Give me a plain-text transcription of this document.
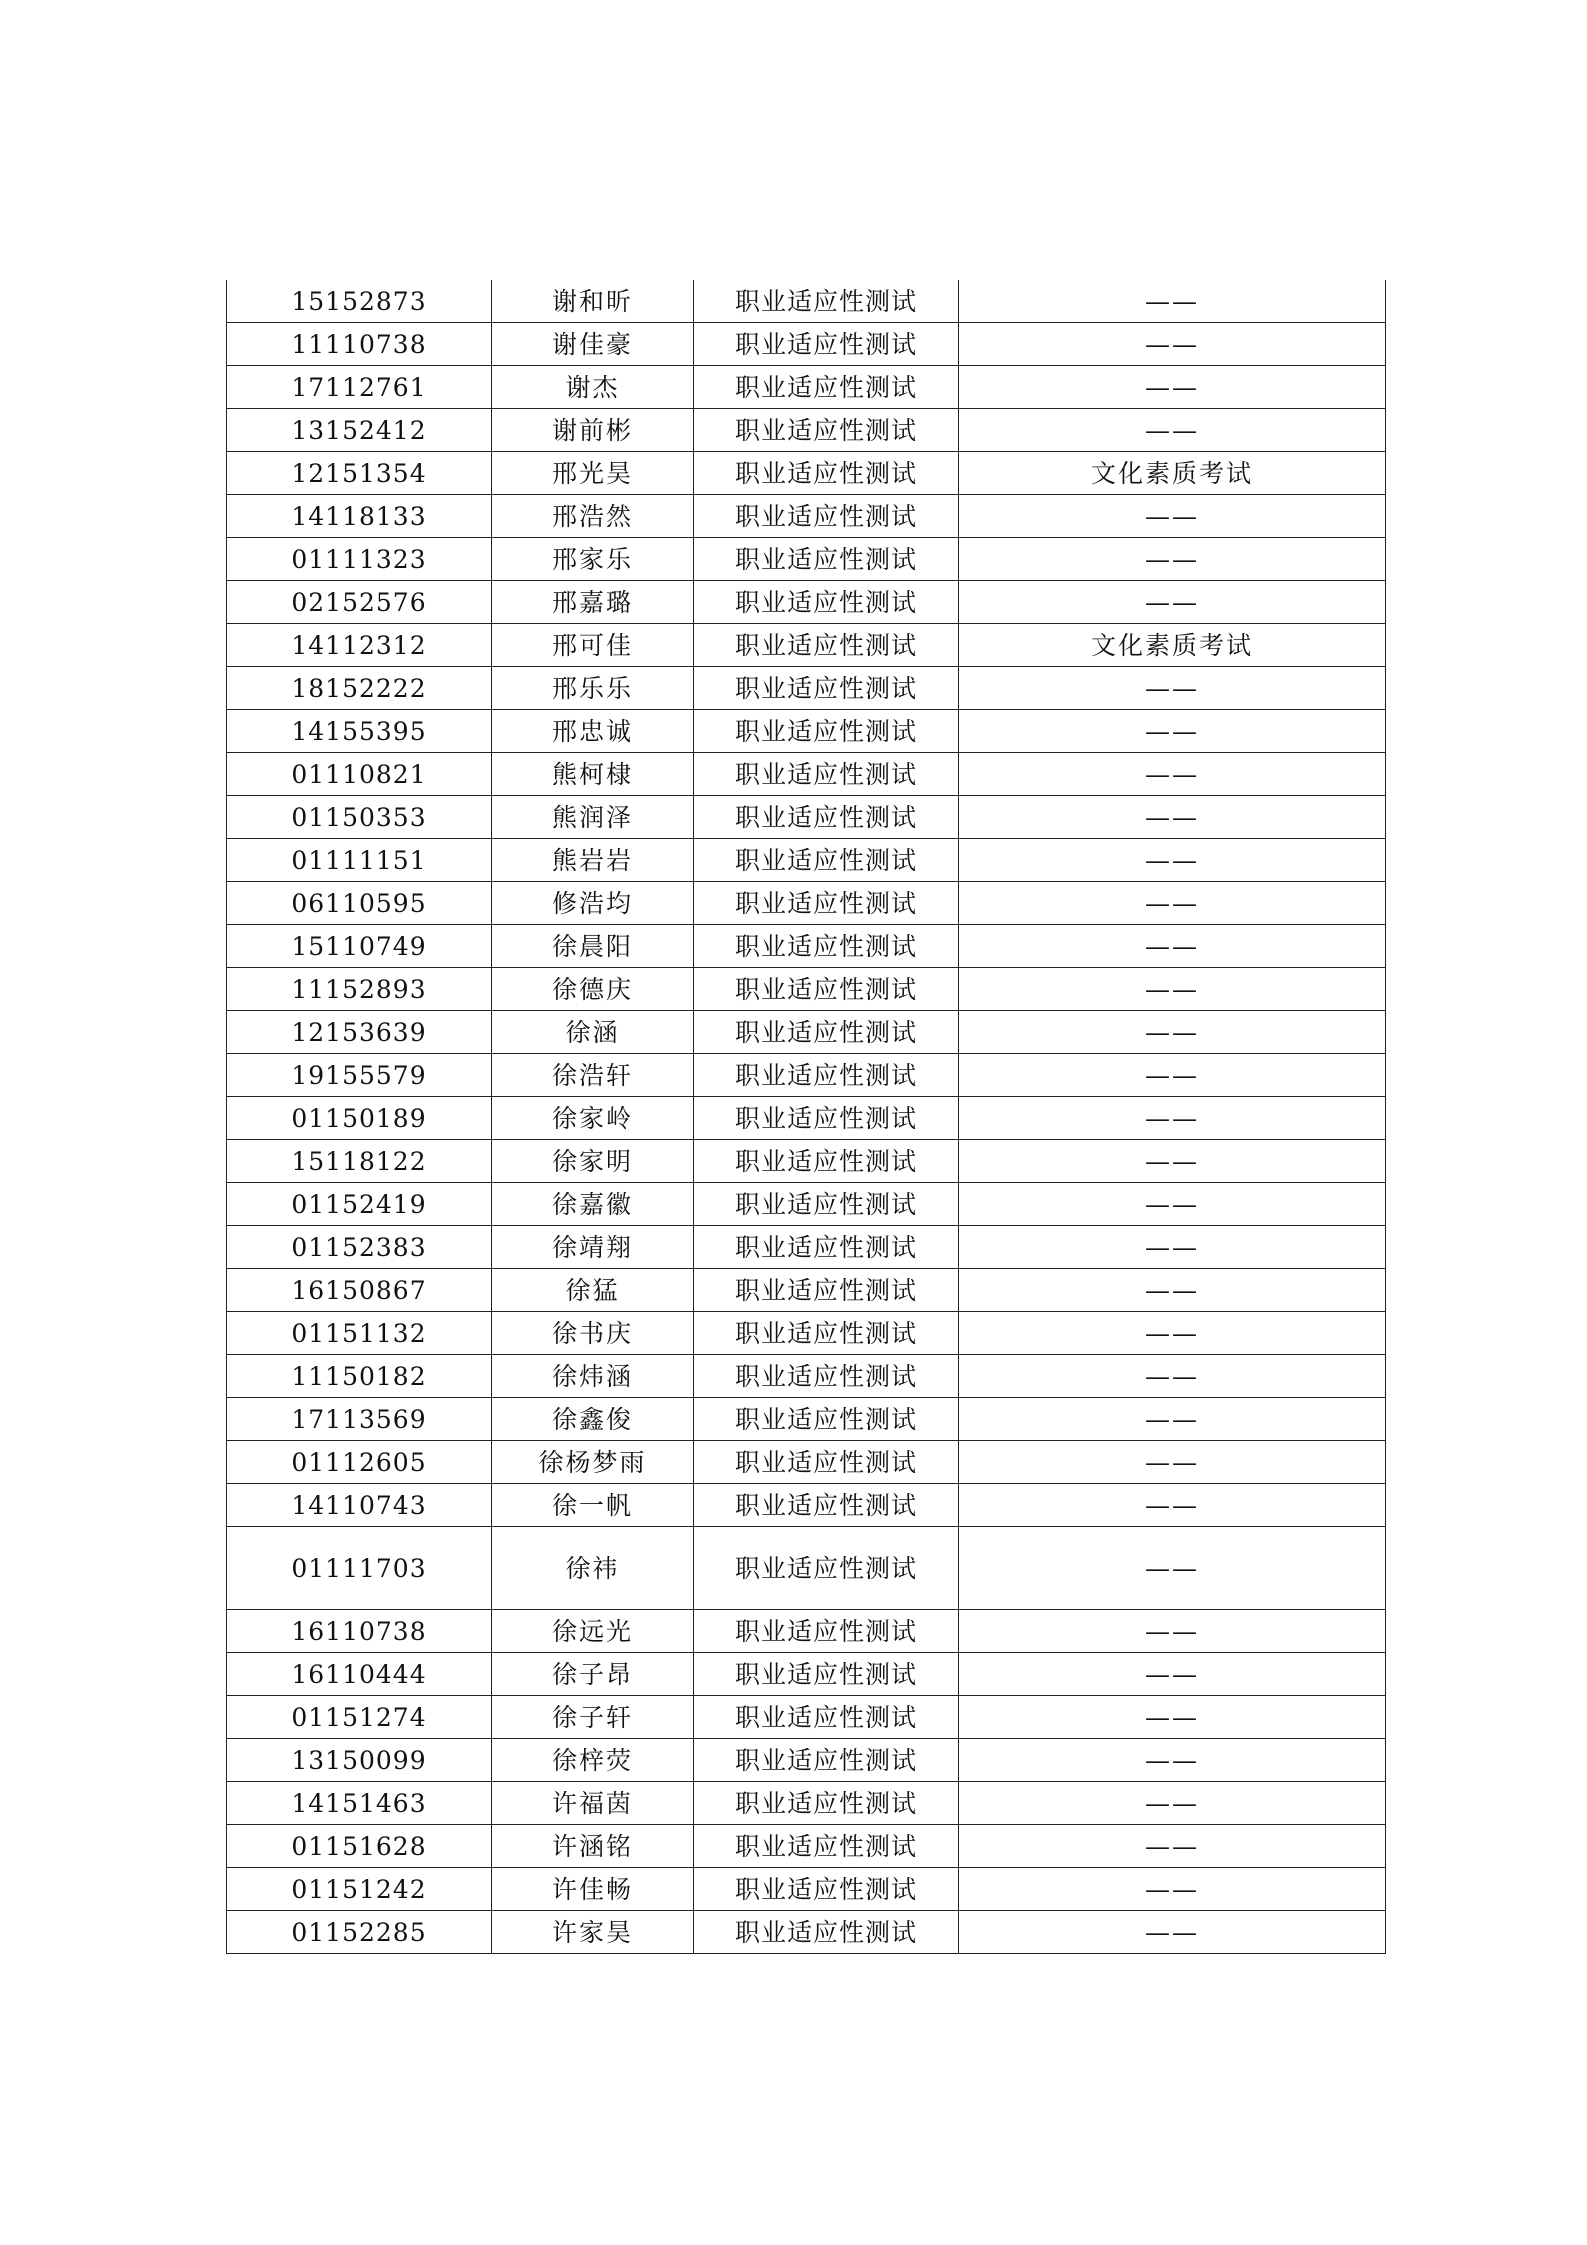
15152873	谢和昕	职业适应性测试	——
11110738	谢佳豪	职业适应性测试	——
17112761	谢杰	职业适应性测试	——
13152412	谢前彬	职业适应性测试	——
12151354	邢光昊	职业适应性测试	文化素质考试
14118133	邢浩然	职业适应性测试	——
01111323	邢家乐	职业适应性测试	——
02152576	邢嘉璐	职业适应性测试	——
14112312	邢可佳	职业适应性测试	文化素质考试
18152222	邢乐乐	职业适应性测试	——
14155395	邢忠诚	职业适应性测试	——
01110821	熊柯棣	职业适应性测试	——
01150353	熊润泽	职业适应性测试	——
01111151	熊岩岩	职业适应性测试	——
06110595	修浩均	职业适应性测试	——
15110749	徐晨阳	职业适应性测试	——
11152893	徐德庆	职业适应性测试	——
12153639	徐涵	职业适应性测试	——
19155579	徐浩轩	职业适应性测试	——
01150189	徐家岭	职业适应性测试	——
15118122	徐家明	职业适应性测试	——
01152419	徐嘉徽	职业适应性测试	——
01152383	徐靖翔	职业适应性测试	——
16150867	徐猛	职业适应性测试	——
01151132	徐书庆	职业适应性测试	——
11150182	徐炜涵	职业适应性测试	——
17113569	徐鑫俊	职业适应性测试	——
01112605	徐杨梦雨	职业适应性测试	——
14110743	徐一帆	职业适应性测试	——
01111703	徐祎	职业适应性测试	——
16110738	徐远光	职业适应性测试	——
16110444	徐子昂	职业适应性测试	——
01151274	徐子轩	职业适应性测试	——
13150099	徐梓荧	职业适应性测试	——
14151463	许福茵	职业适应性测试	——
01151628	许涵铭	职业适应性测试	——
01151242	许佳畅	职业适应性测试	——
01152285	许家昊	职业适应性测试	——
